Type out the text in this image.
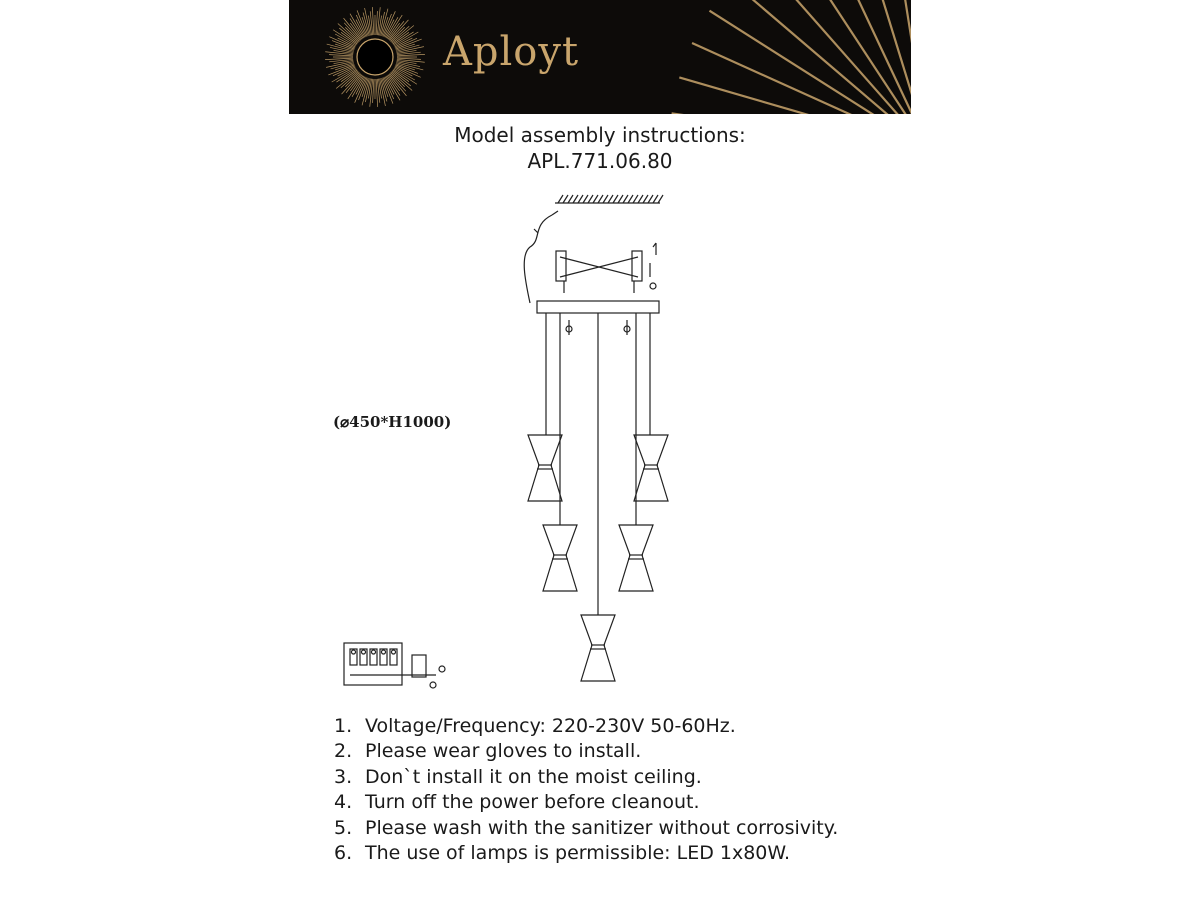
Aployt
Model assembly instructions:
APL.771.06.80
(⌀450*H1000)
1. Voltage/Frequency: 220-230V 50-60Hz.
2. Please wear gloves to install.
3. Don`t install it on the moist ceiling.
4. Turn off the power before cleanout.
5. Please wash with the sanitizer without corrosivity.
6. The use of lamps is permissible: LED 1x80W.
